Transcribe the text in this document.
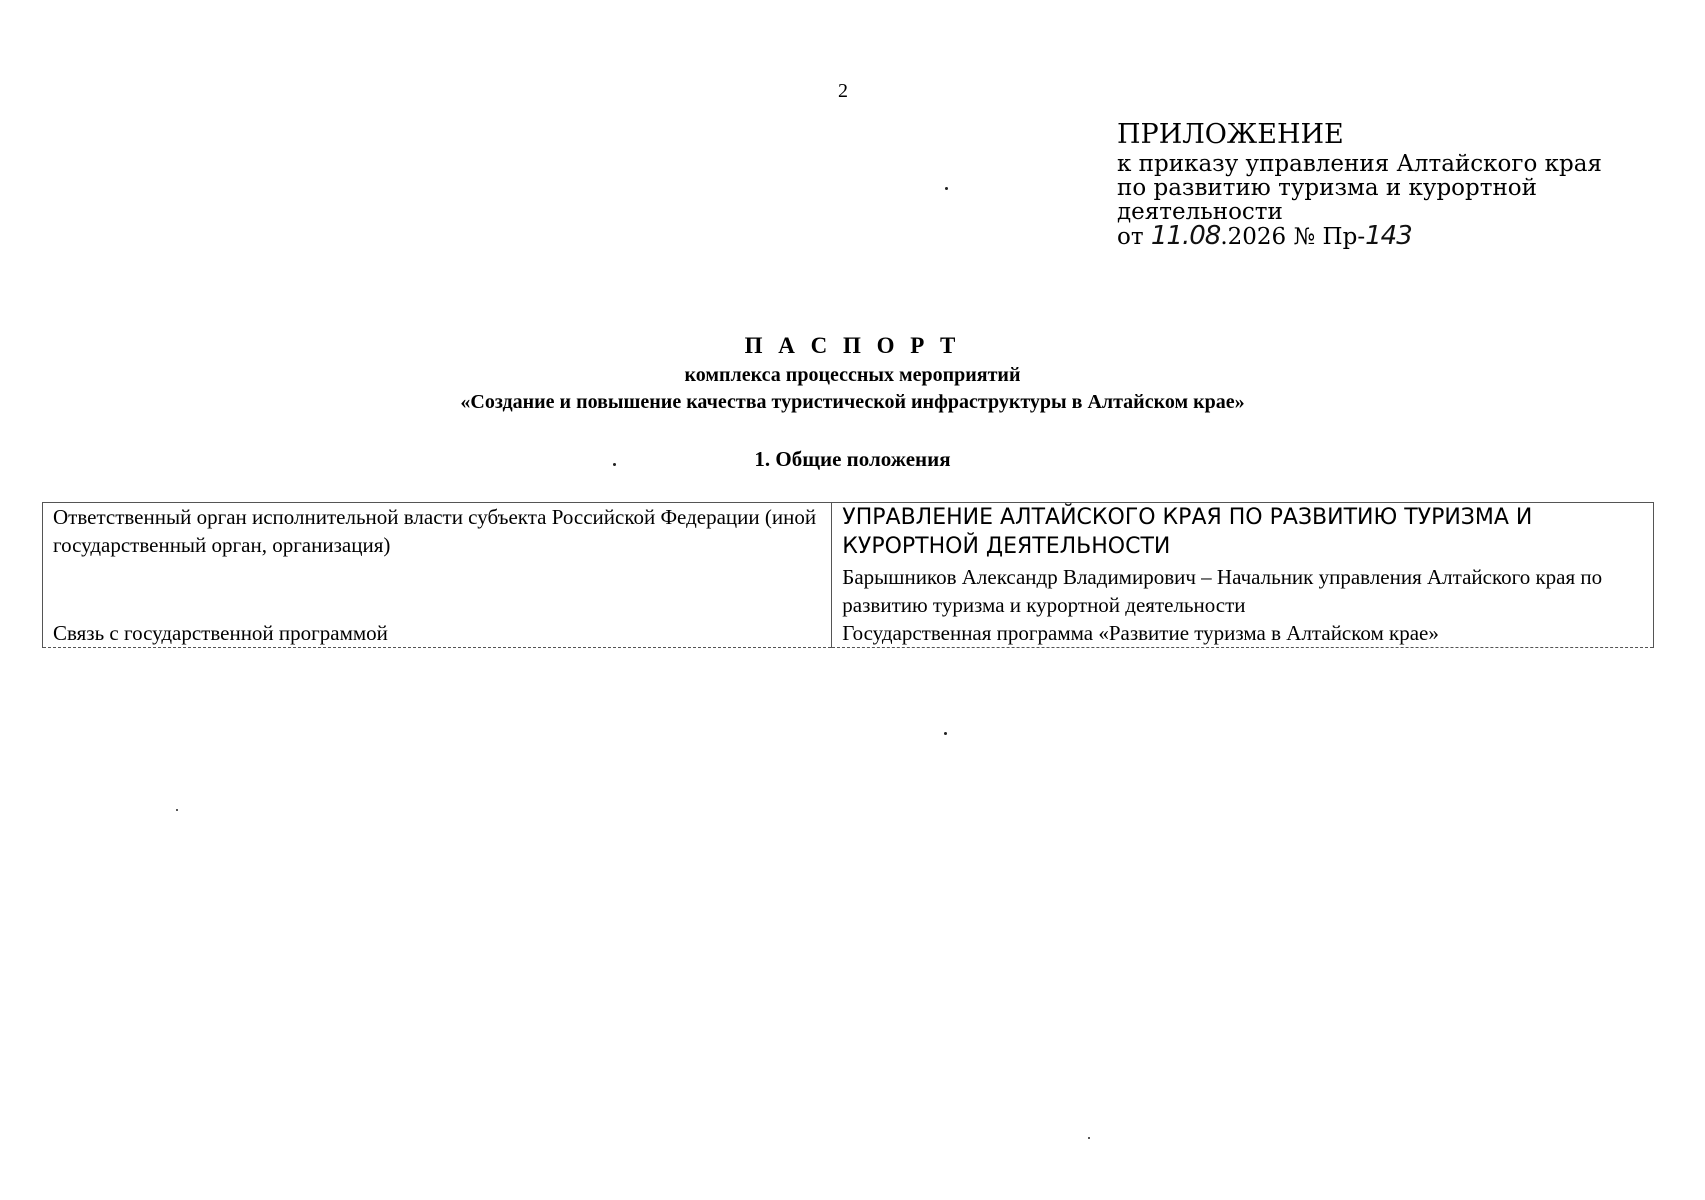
2
ПРИЛОЖЕНИЕ
к приказу управления Алтайского края
по развитию туризма и курортной
деятельности
от 11.08.2026 № Пр-143
П А С П О Р Т
комплекса процессных мероприятий
«Создание и повышение качества туристической инфраструктуры в Алтайском крае»
1. Общие положения
Ответственный орган исполнительной власти субъекта Российской Федерации (иной государственный орган, организация)	УПРАВЛЕНИЕ АЛТАЙСКОГО КРАЯ ПО РАЗВИТИЮ ТУРИЗМА И КУРОРТНОЙ ДЕЯТЕЛЬНОСТИ
Барышников Александр Владимирович – Начальник управления Алтайского края по развитию туризма и курортной деятельности

Связь с государственной программой	Государственная программа «Развитие туризма в Алтайском крае»
